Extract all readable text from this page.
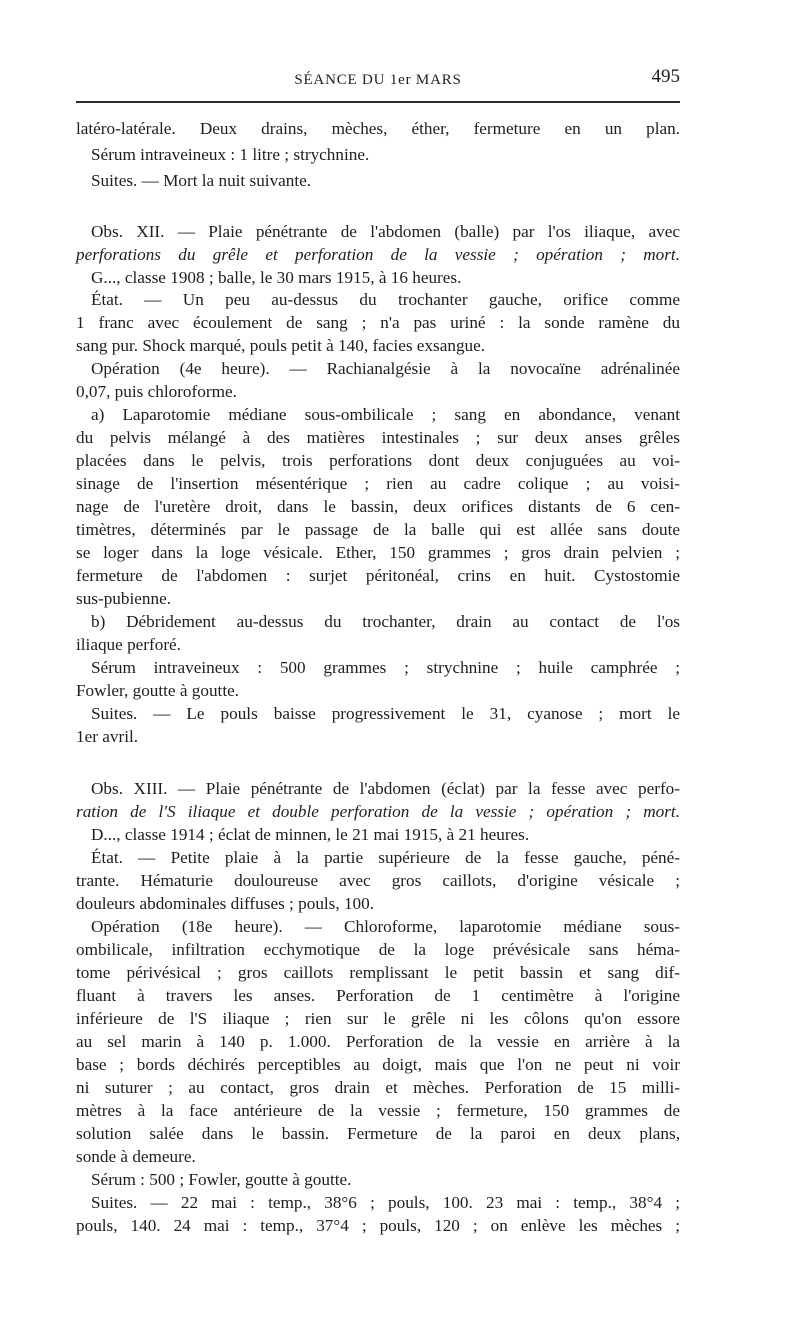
SÉANCE DU 1er MARS	495
latéro-latérale. Deux drains, mèches, éther, fermeture en un plan.
Sérum intraveineux : 1 litre ; strychnine.
Suites. — Mort la nuit suivante.
Obs. XII. — Plaie pénétrante de l'abdomen (balle) par l'os iliaque, avec
perforations du grêle et perforation de la vessie ; opération ; mort.
G..., classe 1908 ; balle, le 30 mars 1915, à 16 heures.
État. — Un peu au-dessus du trochanter gauche, orifice comme
1 franc avec écoulement de sang ; n'a pas uriné : la sonde ramène du
sang pur. Shock marqué, pouls petit à 140, facies exsangue.
Opération (4e heure). — Rachianalgésie à la novocaïne adrénalinée
0,07, puis chloroforme.
a) Laparotomie médiane sous-ombilicale ; sang en abondance, venant
du pelvis mélangé à des matières intestinales ; sur deux anses grêles
placées dans le pelvis, trois perforations dont deux conjuguées au voi-
sinage de l'insertion mésentérique ; rien au cadre colique ; au voisi-
nage de l'uretère droit, dans le bassin, deux orifices distants de 6 cen-
timètres, déterminés par le passage de la balle qui est allée sans doute
se loger dans la loge vésicale. Ether, 150 grammes ; gros drain pelvien ;
fermeture de l'abdomen : surjet péritonéal, crins en huit. Cystostomie
sus-pubienne.
b) Débridement au-dessus du trochanter, drain au contact de l'os
iliaque perforé.
Sérum intraveineux : 500 grammes ; strychnine ; huile camphrée ;
Fowler, goutte à goutte.
Suites. — Le pouls baisse progressivement le 31, cyanose ; mort le
1er avril.
Obs. XIII. — Plaie pénétrante de l'abdomen (éclat) par la fesse avec perfo-
ration de l'S iliaque et double perforation de la vessie ; opération ; mort.
D..., classe 1914 ; éclat de minnen, le 21 mai 1915, à 21 heures.
État. — Petite plaie à la partie supérieure de la fesse gauche, péné-
trante. Hématurie douloureuse avec gros caillots, d'origine vésicale ;
douleurs abdominales diffuses ; pouls, 100.
Opération (18e heure). — Chloroforme, laparotomie médiane sous-
ombilicale, infiltration ecchymotique de la loge prévésicale sans héma-
tome périvésical ; gros caillots remplissant le petit bassin et sang dif-
fluant à travers les anses. Perforation de 1 centimètre à l'origine
inférieure de l'S iliaque ; rien sur le grêle ni les côlons qu'on essore
au sel marin à 140 p. 1.000. Perforation de la vessie en arrière à la
base ; bords déchirés perceptibles au doigt, mais que l'on ne peut ni voir
ni suturer ; au contact, gros drain et mèches. Perforation de 15 milli-
mètres à la face antérieure de la vessie ; fermeture, 150 grammes de
solution salée dans le bassin. Fermeture de la paroi en deux plans,
sonde à demeure.
Sérum : 500 ; Fowler, goutte à goutte.
Suites. — 22 mai : temp., 38°6 ; pouls, 100. 23 mai : temp., 38°4 ;
pouls, 140. 24 mai : temp., 37°4 ; pouls, 120 ; on enlève les mèches ;
